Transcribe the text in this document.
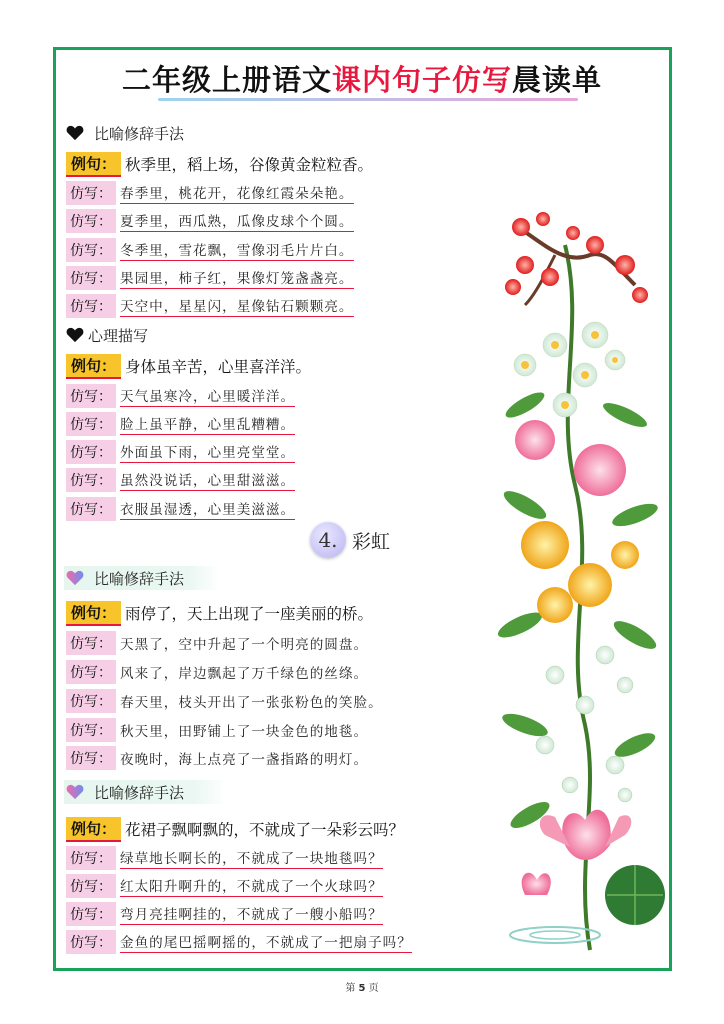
二年级上册语文课内句子仿写晨读单
比喻修辞手法
例句： 秋季里，稻上场，谷像黄金粒粒香。
仿写： 春季里，桃花开，花像红霞朵朵艳。
仿写： 夏季里，西瓜熟，瓜像皮球个个圆。
仿写： 冬季里，雪花飘，雪像羽毛片片白。
仿写： 果园里，柿子红，果像灯笼盏盏亮。
仿写： 天空中，星星闪，星像钻石颗颗亮。
心理描写
例句： 身体虽辛苦，心里喜洋洋。
仿写： 天气虽寒冷，心里暖洋洋。
仿写： 脸上虽平静，心里乱糟糟。
仿写： 外面虽下雨，心里亮堂堂。
仿写： 虽然没说话，心里甜滋滋。
仿写： 衣服虽湿透，心里美滋滋。
4. 彩虹
比喻修辞手法
例句： 雨停了，天上出现了一座美丽的桥。
仿写： 天黑了，空中升起了一个明亮的圆盘。
仿写： 风来了，岸边飘起了万千绿色的丝绦。
仿写： 春天里，枝头开出了一张张粉色的笑脸。
仿写： 秋天里，田野铺上了一块金色的地毯。
仿写： 夜晚时，海上点亮了一盏指路的明灯。
比喻修辞手法
例句： 花裙子飘啊飘的，不就成了一朵彩云吗？
仿写： 绿草地长啊长的，不就成了一块地毯吗？
仿写： 红太阳升啊升的，不就成了一个火球吗？
仿写： 弯月亮挂啊挂的，不就成了一艘小船吗？
仿写： 金鱼的尾巴摇啊摇的，不就成了一把扇子吗？
第 5 页
